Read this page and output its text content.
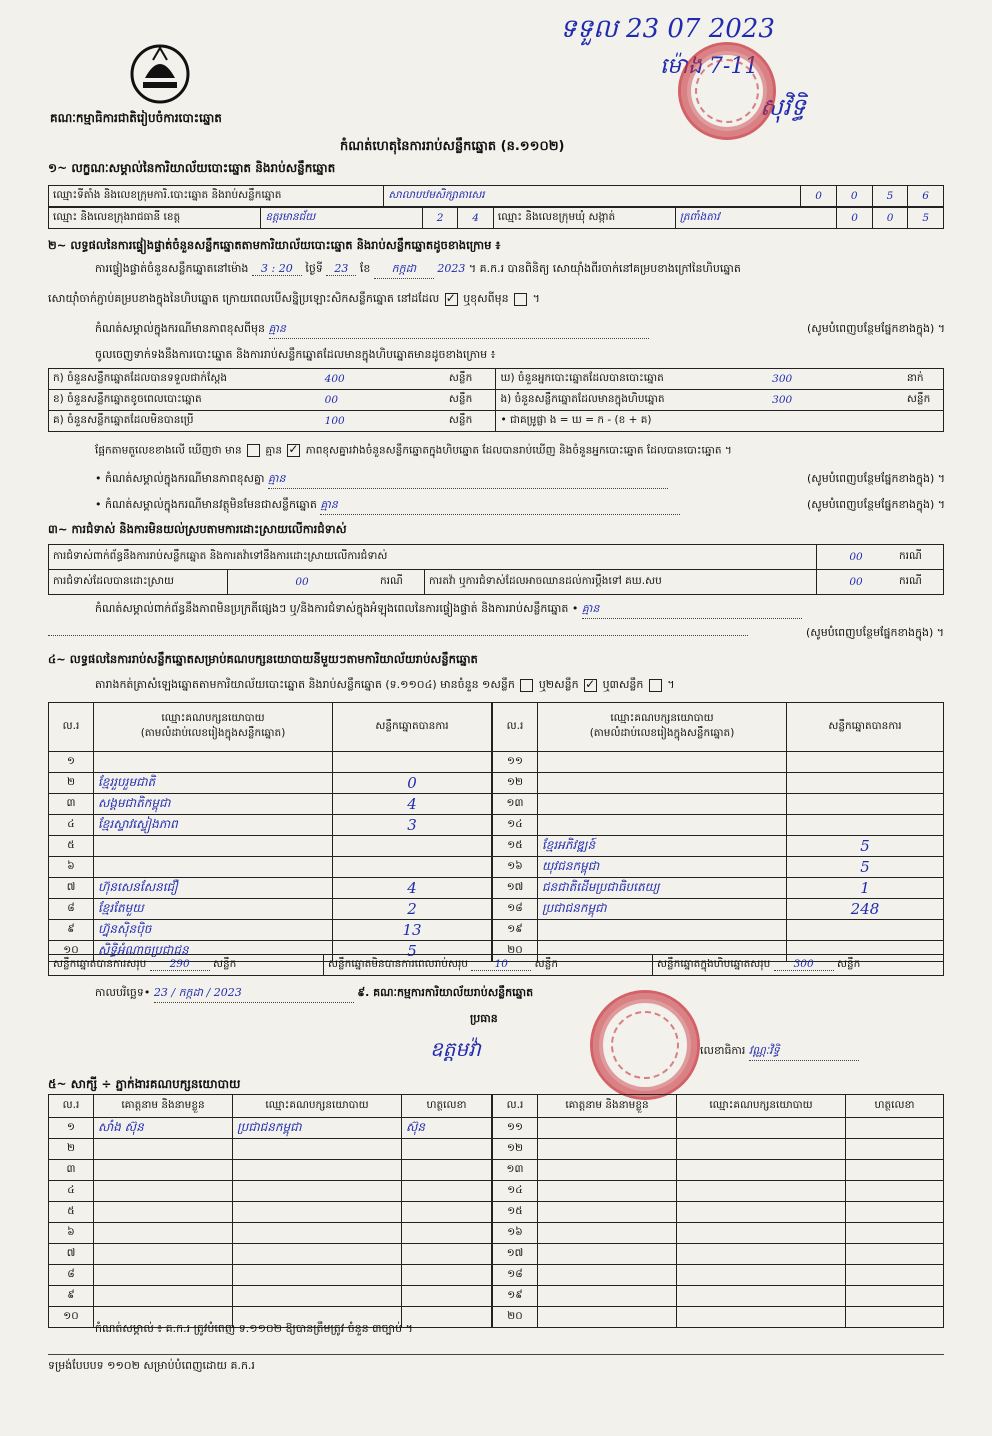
គណៈកម្មាធិការជាតិរៀបចំការបោះឆ្នោត
ទទួល 23 07 2023
ម៉ោង 7-11
សុវិទ្ធិ
កំណត់ហេតុនៃការរាប់សន្លឹកឆ្នោត (ន.១១០២)
១~ លក្ខណៈសម្គាល់នៃការិយាល័យបោះឆ្នោត និងរាប់សន្លឹកឆ្នោត
ឈ្មោះទីតាំង និងលេខក្រុមការិ.បោះឆ្នោត និងរាប់សន្លឹកឆ្នោត	សាលាបឋមសិក្សាតាសេរ	0	0	5	6
ឈ្មោះ និងលេខក្រុងរាជធានី ខេត្ត	ឧត្តរមានជ័យ	2	4	ឈ្មោះ និងលេខក្រុមឃុំ សង្កាត់	ត្រពាំងតាវ	0	0	5
២~ លទ្ធផលនៃការផ្ទៀងផ្ទាត់ចំនួនសន្លឹកឆ្នោតតាមការិយាល័យបោះឆ្នោត និងរាប់សន្លឹកឆ្នោតដូចខាងក្រោម ៖
ការផ្ទៀងផ្ទាត់ចំនួនសន្លឹកឆ្នោតនៅម៉ោង 3 : 20 ថ្ងៃទី 23 ខែ កក្កដា 2023 ។ គ.ក.រ បានពិនិត្យ សោយ៉ាំងពីរចាក់នៅគម្របខាងក្រៅនៃហិបឆ្នោត
សោយ៉ាំចាក់ភ្ជាប់គម្របខាងក្នុងនៃហិបឆ្នោត ក្រោយពេលបើសន្និប្រឡោះសិកសន្លឹកឆ្នោត នៅដដែល ✓ ឬខុសពីមុន  ។
កំណត់សម្គាល់ក្នុងករណីមានភាពខុសពីមុន គ្មាន	(សូមបំពេញបន្ថែមផ្នែកខាងក្នុង) ។
ចូលចេញទាក់ទងនឹងការបោះឆ្នោត និងការរាប់សន្លឹកឆ្នោតដែលមានក្នុងហិបឆ្នោតមានដូចខាងក្រោម ៖
ក) ចំនួនសន្លឹកឆ្នោតដែលបានទទួលជាក់ស្តែង	400	សន្លឹក	ឃ) ចំនួនអ្នកបោះឆ្នោតដែលបានបោះឆ្នោត	300	នាក់
ខ) ចំនួនសន្លឹកឆ្នោតខូចពេលបោះឆ្នោត	00	សន្លឹក	ង) ចំនួនសន្លឹកឆ្នោតដែលមានក្នុងហិបឆ្នោត	300	សន្លឹក
គ) ចំនួនសន្លឹកឆ្នោតដែលមិនបានប្រើ	100	សន្លឹក	• ជាគម្រូផ្លា ង = ឃ = ក - (ខ + គ)		
ផ្អែកតាមតួលេខខាងលើ ឃើញថា មាន គ្មាន ✓ ភាពខុសគ្នារវាងចំនួនសន្លឹកឆ្នោតក្នុងហិបឆ្នោត ដែលបានរាប់ឃើញ និងចំនួនអ្នកបោះឆ្នោត ដែលបានបោះឆ្នោត ។
• កំណត់សម្គាល់ក្នុងករណីមានភាពខុសគ្នា គ្មាន	(សូមបំពេញបន្ថែមផ្នែកខាងក្នុង) ។
• កំណត់សម្គាល់ក្នុងករណីមានវត្ថុមិនមែនជាសន្លឹកឆ្នោត គ្មាន	(សូមបំពេញបន្ថែមផ្នែកខាងក្នុង) ។
៣~ ការជំទាស់ និងការមិនយល់ស្របតាមការដោះស្រាយលើការជំទាស់
ការជំទាស់ពាក់ព័ន្ធនឹងការរាប់សន្លឹកឆ្នោត និងការតវ៉ាទៅនឹងការដោះស្រាយលើការជំទាស់				00	ករណី
ការជំទាស់ដែលបានដោះស្រាយ	00	ករណី	ការតវ៉ា ឬការជំទាស់ដែលអាចឈានដល់ការប្តឹងទៅ គឃ.សប	00	ករណី
កំណត់សម្គាល់ពាក់ព័ន្ធនឹងភាពមិនប្រក្រតីផ្សេងៗ ឬ/និងការជំទាស់ក្នុងអំឡុងពេលនៃការផ្ទៀងផ្ទាត់ និងការរាប់សន្លឹកឆ្នោត • គ្មាន
(សូមបំពេញបន្ថែមផ្នែកខាងក្នុង) ។
៤~ លទ្ធផលនៃការរាប់សន្លឹកឆ្នោតសម្រាប់គណបក្សនយោបាយនីមួយៗតាមការិយាល័យរាប់សន្លឹកឆ្នោត
តារាងកត់ត្រាសំឡេងឆ្នោតតាមការិយាល័យបោះឆ្នោត និងរាប់សន្លឹកឆ្នោត (ទ.១១០៤) មានចំនួន ១សន្លឹក ឬ២សន្លឹក ✓ ឬ៣សន្លឹក  ។
ល.រ	ឈ្មោះគណបក្សនយោបាយ
(តាមលំដាប់លេខរៀងក្នុងសន្លឹកឆ្នោត)	សន្លឹកឆ្នោតបានការ
១		
២	ខ្មែររួបរួមជាតិ	0
៣	សង្គមជាតិកម្ពុជា	4
៤	ខ្មែរស្ទាវស្ទៀងភាព	3
៥		
៦		
៧	ហ៊ុនសេនសែនជឿ	4
៨	ខ្មែរតែមួយ	2
៩	ហ្វ៊ុនស៊ិនប៉ិច	13
១០	សិទ្ធិអំណាចប្រជាជន	5
ល.រ	ឈ្មោះគណបក្សនយោបាយ
(តាមលំដាប់លេខរៀងក្នុងសន្លឹកឆ្នោត)	សន្លឹកឆ្នោតបានការ
១១		
១២		
១៣		
១៤		
១៥	ខ្មែរអភិវឌ្ឍន៍	5
១៦	យុវជនកម្ពុជា	5
១៧	ជនជាតិដើមប្រជាធិបតេយ្យ	1
១៨	ប្រជាជនកម្ពុជា	248
១៩		
២០		
សន្លឹកឆ្នោតបានការសរុប 290 សន្លឹក	សន្លឹកឆ្នោតមិនបានការពេលរាប់សរុប	10	សន្លឹក	សន្លឹកឆ្នោតក្នុងហិបឆ្នោតសរុប 300 សន្លឹក
កាលបរិច្ឆេទ• 23 / កក្កដា / 2023	៩. គណៈកម្មការការិយាល័យរាប់សន្លឹកឆ្នោត
ប្រធាន
ឧត្តមវ៉ា	លេខាធិការ វណ្ណៈវិទ្ធិ
៥~ សាក្សី ÷ ភ្នាក់ងារគណបក្សនយោបាយ
ល.រ	គោត្តនាម និងនាមខ្លួន	ឈ្មោះគណបក្សនយោបាយ	ហត្ថលេខា
១	សាំង ស៊ុន	ប្រជាជនកម្ពុជា	ស៊ុន
២			
៣			
៤			
៥			
៦			
៧			
៨			
៩			
១០			
ល.រ	គោត្តនាម និងនាមខ្លួន	ឈ្មោះគណបក្សនយោបាយ	ហត្ថលេខា
១១			
១២			
១៣			
១៤			
១៥			
១៦			
១៧			
១៨			
១៩			
២០			
កំណត់សម្គាល់ ៖ គ.ក.រ ត្រូវបំពេញ ទ.១១០២ ឱ្យបានត្រឹមត្រូវ ចំនួន ៣ច្បាប់ ។
ទម្រង់បែបបទ ១១០២ សម្រាប់បំពេញដោយ គ.ក.រ
